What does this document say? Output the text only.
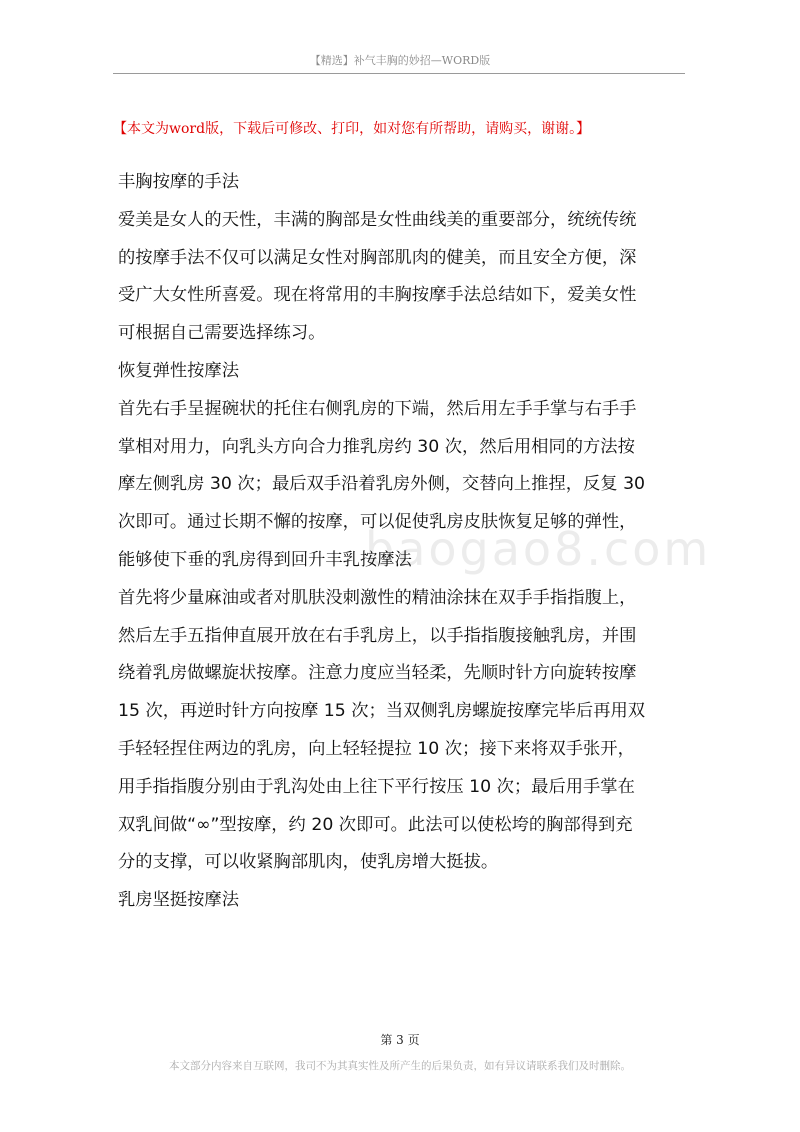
【精选】补气丰胸的妙招—WORD版
【本文为word版，下载后可修改、打印，如对您有所帮助，请购买，谢谢。】
baogao8.com

丰胸按摩的手法

爱美是女人的天性，丰满的胸部是女性曲线美的重要部分，统统传统

的按摩手法不仅可以满足女性对胸部肌肉的健美，而且安全方便，深

受广大女性所喜爱。现在将常用的丰胸按摩手法总结如下，爱美女性

可根据自己需要选择练习。

恢复弹性按摩法

首先右手呈握碗状的托住右侧乳房的下端，然后用左手手掌与右手手

掌相对用力，向乳头方向合力推乳房约 30 次，然后用相同的方法按

摩左侧乳房 30 次；最后双手沿着乳房外侧，交替向上推捏，反复 30

次即可。通过长期不懈的按摩，可以促使乳房皮肤恢复足够的弹性，

能够使下垂的乳房得到回升丰乳按摩法

首先将少量麻油或者对肌肤没刺激性的精油涂抹在双手手指指腹上，

然后左手五指伸直展开放在右手乳房上，以手指指腹接触乳房，并围

绕着乳房做螺旋状按摩。注意力度应当轻柔，先顺时针方向旋转按摩

15 次，再逆时针方向按摩 15 次；当双侧乳房螺旋按摩完毕后再用双

手轻轻捏住两边的乳房，向上轻轻提拉 10 次；接下来将双手张开，

用手指指腹分别由于乳沟处由上往下平行按压 10 次；最后用手掌在

双乳间做“∞”型按摩，约 20 次即可。此法可以使松垮的胸部得到充

分的支撑，可以收紧胸部肌肉，使乳房增大挺拔。

乳房坚挺按摩法

第 3 页
本文部分内容来自互联网，我司不为其真实性及所产生的后果负责，如有异议请联系我们及时删除。
